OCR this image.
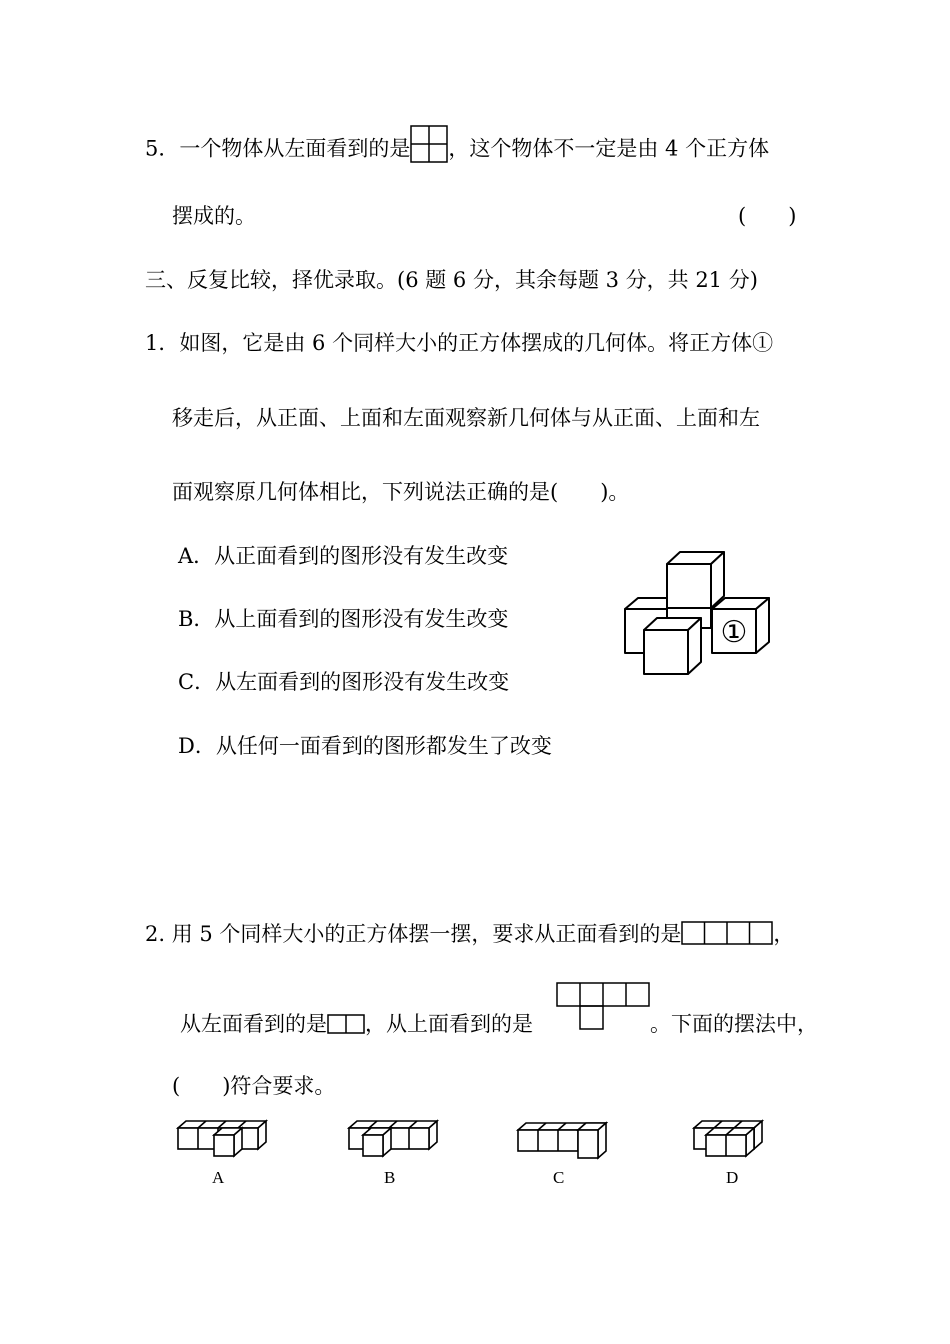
5．一个物体从左面看到的是 ，这个物体不一定是由 4 个正方体
摆成的。	(　　)
三、反复比较，择优录取。(6 题 6 分，其余每题 3 分，共 21 分)
1．如图，它是由 6 个同样大小的正方体摆成的几何体。将正方体①
移走后，从正面、上面和左面观察新几何体与从正面、上面和左
面观察原几何体相比，下列说法正确的是(　　)。
A．从正面看到的图形没有发生改变
B．从上面看到的图形没有发生改变
C．从左面看到的图形没有发生改变
D．从任何一面看到的图形都发生了改变
①
2. 用 5 个同样大小的正方体摆一摆，要求从正面看到的是	，
从左面看到的是 ，从上面看到的是	。下面的摆法中，
(　　)符合要求。
A	B	C	D
